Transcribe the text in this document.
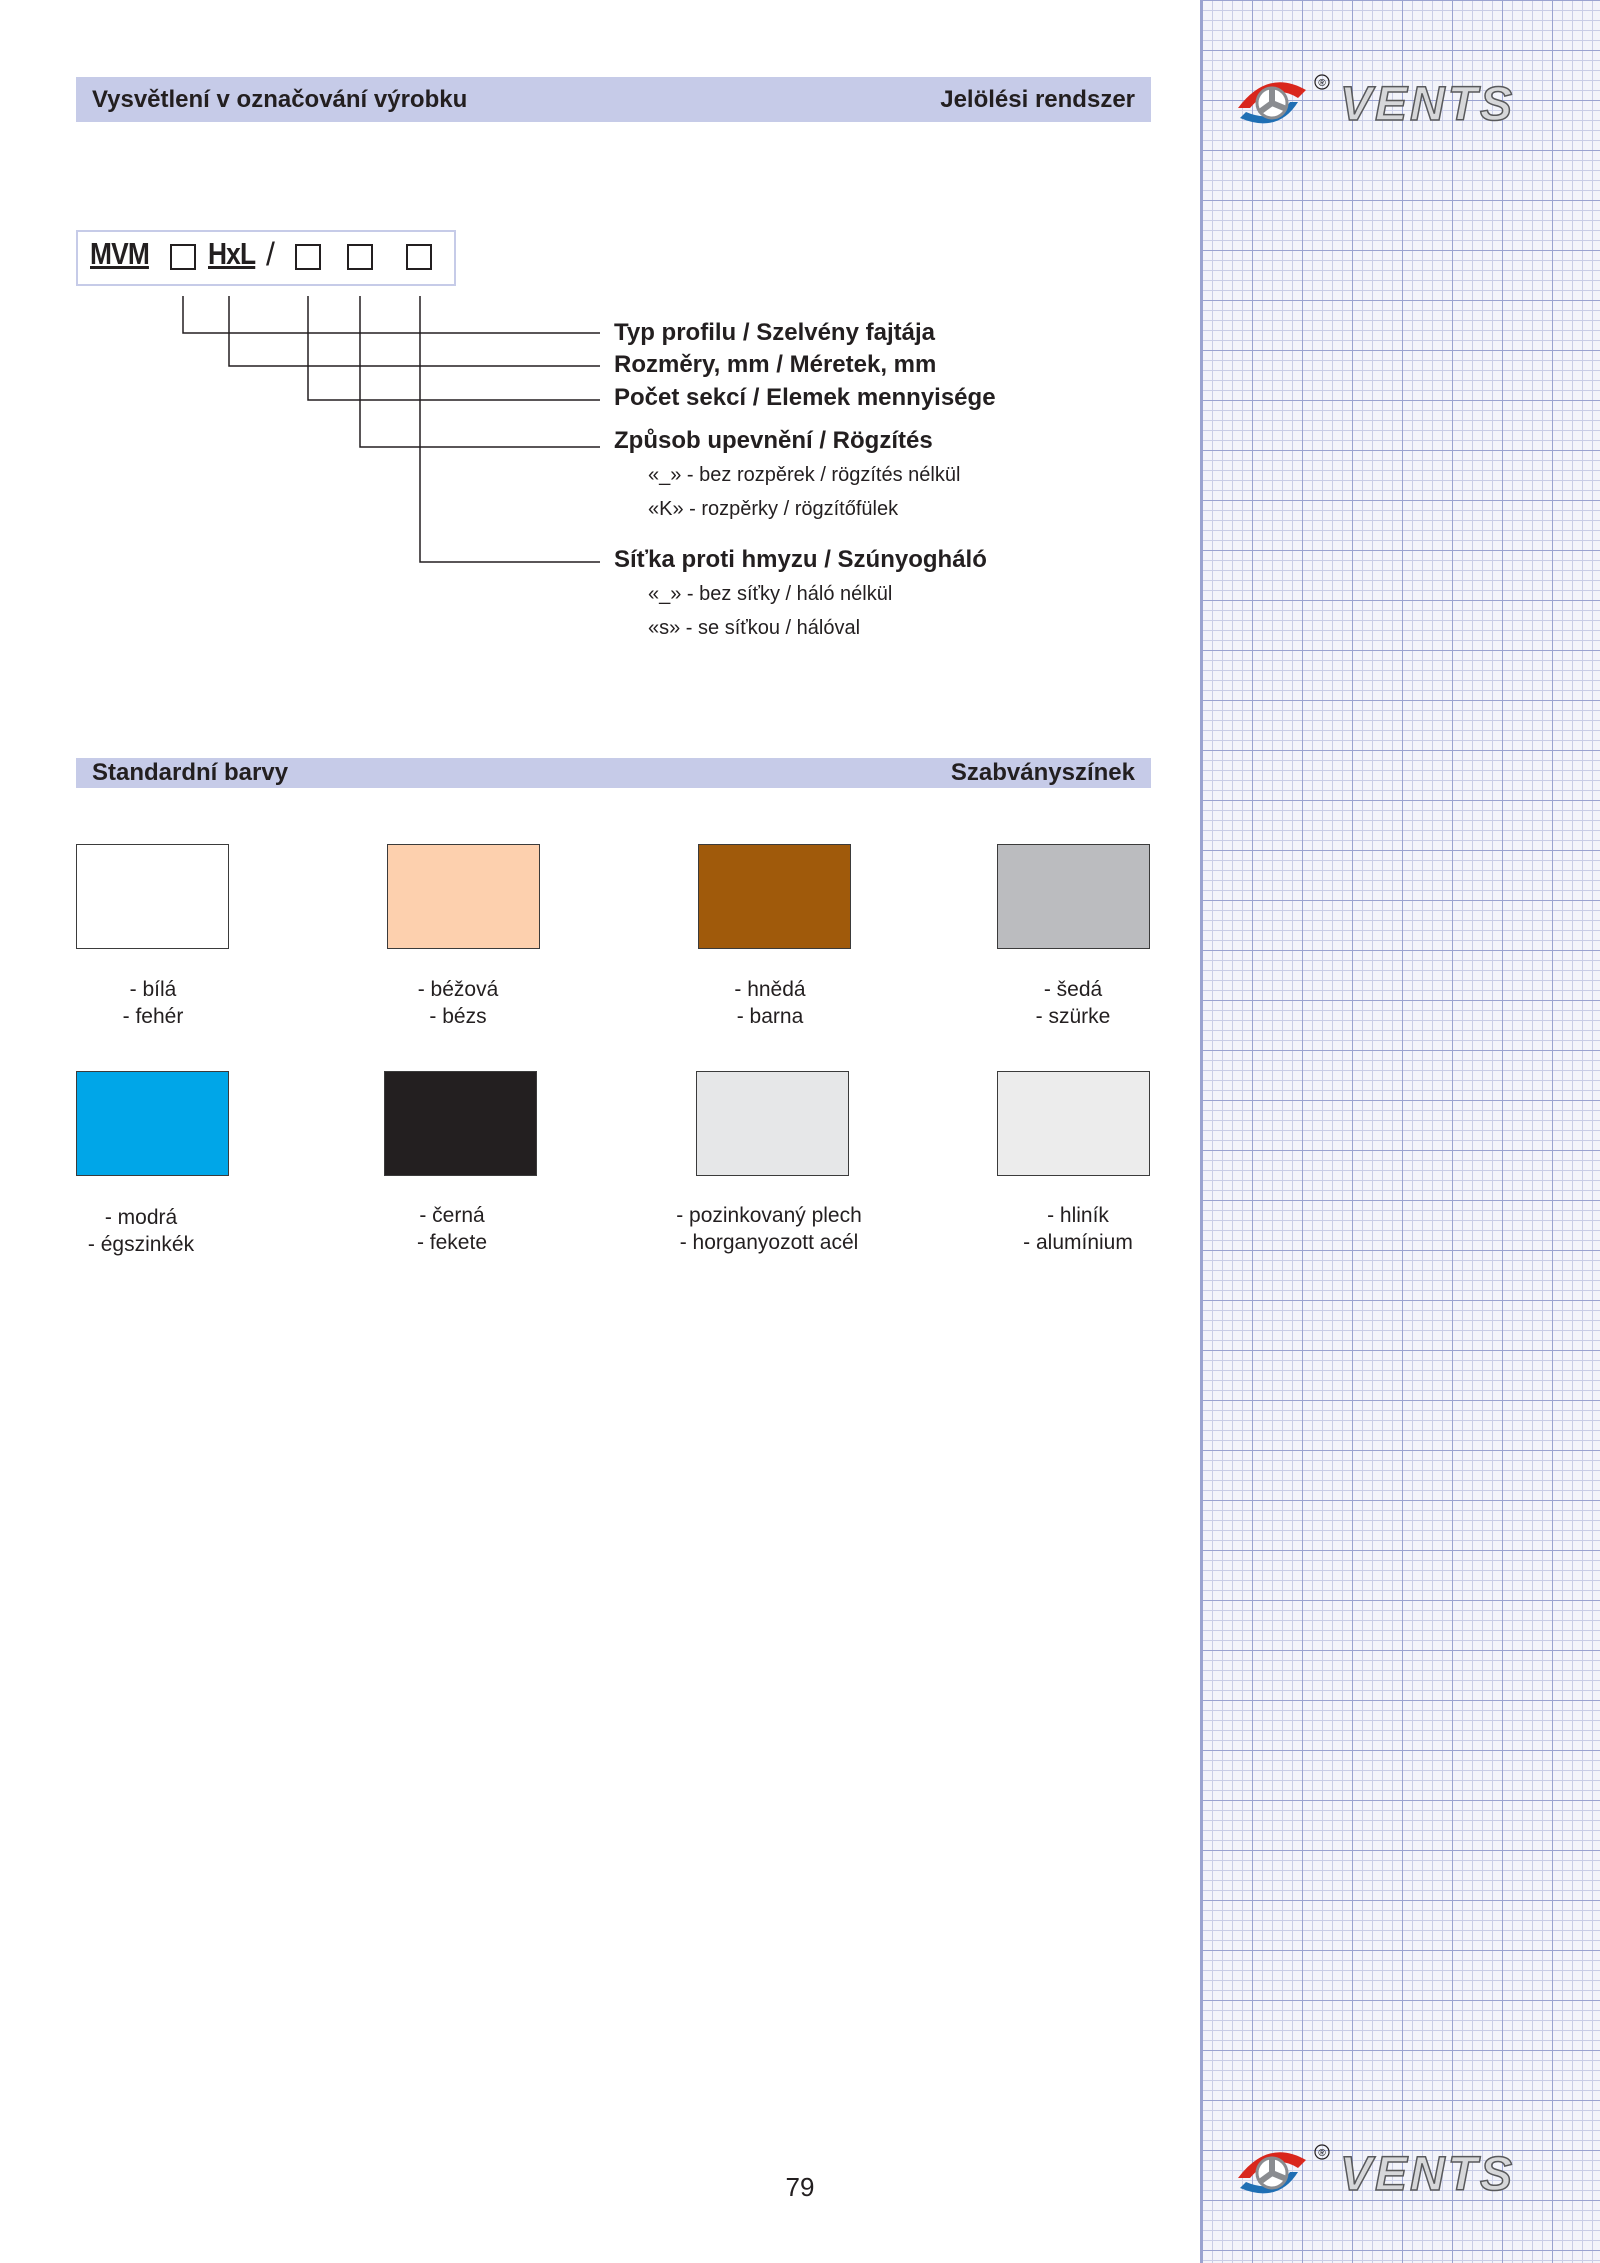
® VENTS
® VENTS
Vysvětlení v označování výrobku	Jelölési rendszer
MVM HxL /
Typ profilu / Szelvény fajtája
Rozměry, mm / Méretek, mm
Počet sekcí / Elemek mennyisége
Způsob upevnění / Rögzítés
«_» - bez rozpěrek / rögzítés nélkül
«K» - rozpěrky / rögzítőfülek
Síťka proti hmyzu / Szúnyogháló
«_» - bez síťky / háló nélkül
«s» - se síťkou / hálóval
Standardní barvy	Szabványszínek
- bílá
- fehér
- béžová
- bézs
- hnědá
- barna
- šedá
- szürke
- modrá
- égszinkék
- černá
- fekete
- pozinkovaný plech
- horganyozott acél
- hliník
- alumínium
79
